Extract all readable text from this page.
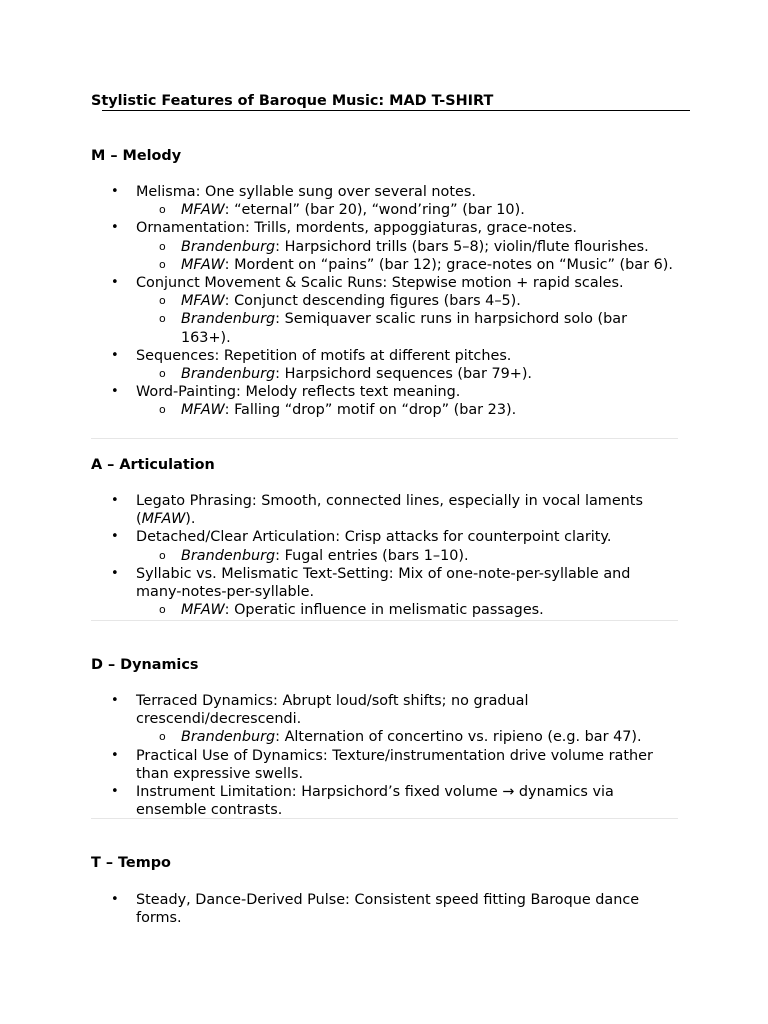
Stylistic Features of Baroque Music: MAD T-SHIRT
M – Melody
• Melisma: One syllable sung over several notes.
o MFAW: “eternal” (bar 20), “wond’ring” (bar 10).
• Ornamentation: Trills, mordents, appoggiaturas, grace-notes.
o Brandenburg: Harpsichord trills (bars 5–8); violin/flute flourishes.
o MFAW: Mordent on “pains” (bar 12); grace-notes on “Music” (bar 6).
• Conjunct Movement & Scalic Runs: Stepwise motion + rapid scales.
o MFAW: Conjunct descending figures (bars 4–5).
o Brandenburg: Semiquaver scalic runs in harpsichord solo (bar 163+).
• Sequences: Repetition of motifs at different pitches.
o Brandenburg: Harpsichord sequences (bar 79+).
• Word-Painting: Melody reflects text meaning.
o MFAW: Falling “drop” motif on “drop” (bar 23).
A – Articulation
• Legato Phrasing: Smooth, connected lines, especially in vocal laments (MFAW).
• Detached/Clear Articulation: Crisp attacks for counterpoint clarity.
o Brandenburg: Fugal entries (bars 1–10).
• Syllabic vs. Melismatic Text-Setting: Mix of one-note-per-syllable and many-notes-per-syllable.
o MFAW: Operatic influence in melismatic passages.
D – Dynamics
• Terraced Dynamics: Abrupt loud/soft shifts; no gradual crescendi/decrescendi.
o Brandenburg: Alternation of concertino vs. ripieno (e.g. bar 47).
• Practical Use of Dynamics: Texture/instrumentation drive volume rather than expressive swells.
• Instrument Limitation: Harpsichord’s fixed volume → dynamics via ensemble contrasts.
T – Tempo
• Steady, Dance-Derived Pulse: Consistent speed fitting Baroque dance forms.
